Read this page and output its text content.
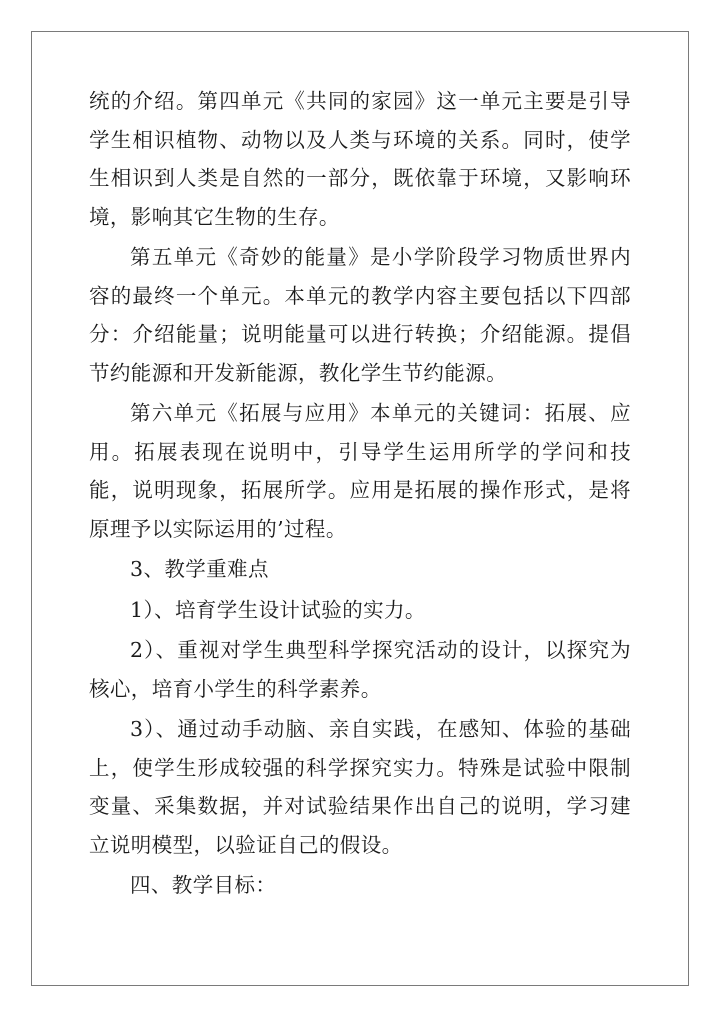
统的介绍。第四单元《共同的家园》这一单元主要是引导学生相识植物、动物以及人类与环境的关系。同时，使学生相识到人类是自然的一部分，既依靠于环境，又影响环境，影响其它生物的生存。

第五单元《奇妙的能量》是小学阶段学习物质世界内容的最终一个单元。本单元的教学内容主要包括以下四部分：介绍能量；说明能量可以进行转换；介绍能源。提倡节约能源和开发新能源，教化学生节约能源。

第六单元《拓展与应用》本单元的关键词：拓展、应用。拓展表现在说明中，引导学生运用所学的学问和技能，说明现象，拓展所学。应用是拓展的操作形式，是将原理予以实际运用的’过程。

3、教学重难点

1）、培育学生设计试验的实力。

2）、重视对学生典型科学探究活动的设计，以探究为核心，培育小学生的科学素养。

3）、通过动手动脑、亲自实践，在感知、体验的基础上，使学生形成较强的科学探究实力。特殊是试验中限制变量、采集数据，并对试验结果作出自己的说明，学习建立说明模型，以验证自己的假设。

四、教学目标：
